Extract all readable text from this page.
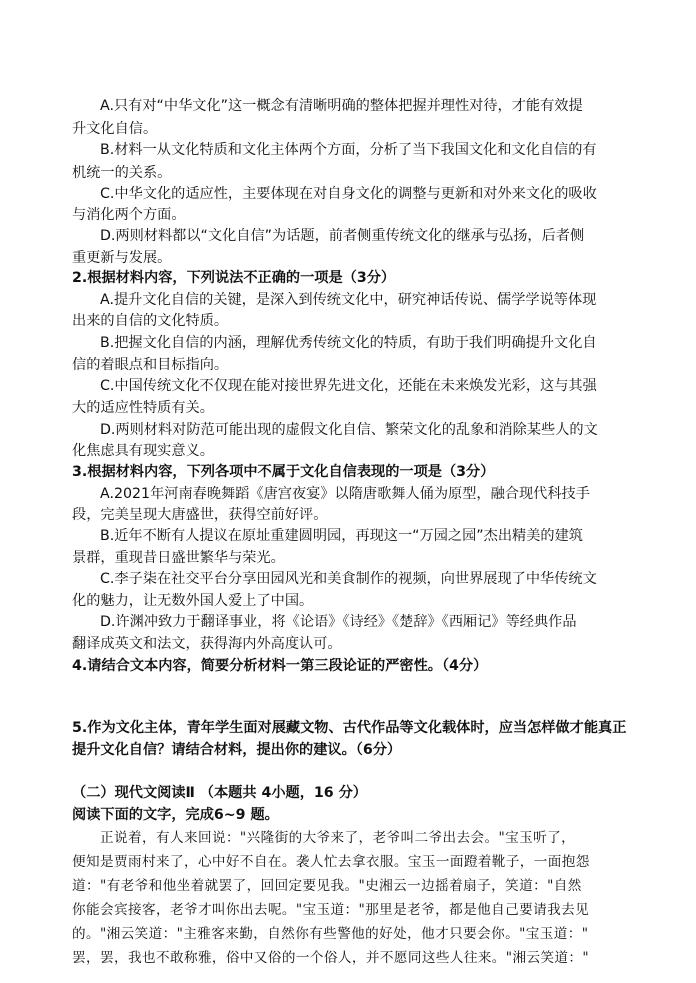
A.只有对“中华文化”这一概念有清晰明确的整体把握并理性对待，才能有效提
升文化自信。
B.材料一从文化特质和文化主体两个方面，分析了当下我国文化和文化自信的有
机统一的关系。
C.中华文化的适应性，主要体现在对自身文化的调整与更新和对外来文化的吸收
与消化两个方面。
D.两则材料都以“文化自信”为话题，前者侧重传统文化的继承与弘扬，后者侧
重更新与发展。
2.根据材料内容，下列说法不正确的一项是（3分）
A.提升文化自信的关键，是深入到传统文化中，研究神话传说、儒学学说等体现
出来的自信的文化特质。
B.把握文化自信的内涵，理解优秀传统文化的特质，有助于我们明确提升文化自
信的着眼点和目标指向。
C.中国传统文化不仅现在能对接世界先进文化，还能在未来焕发光彩，这与其强
大的适应性特质有关。
D.两则材料对防范可能出现的虚假文化自信、繁荣文化的乱象和消除某些人的文
化焦虑具有现实意义。
3.根据材料内容，下列各项中不属于文化自信表现的一项是（3分）
A.2021年河南春晚舞蹈《唐宫夜宴》以隋唐歌舞人俑为原型，融合现代科技手
段，完美呈现大唐盛世，获得空前好评。
B.近年不断有人提议在原址重建圆明园，再现这一“万园之园”杰出精美的建筑
景群，重现昔日盛世繁华与荣光。
C.李子柒在社交平台分享田园风光和美食制作的视频，向世界展现了中华传统文
化的魅力，让无数外国人爱上了中国。
D.许渊冲致力于翻译事业，将《论语》《诗经》《楚辞》《西厢记》等经典作品
翻译成英文和法文，获得海内外高度认可。
4.请结合文本内容，简要分析材料一第三段论证的严密性。（4分）
5.作为文化主体，青年学生面对展藏文物、古代作品等文化载体时，应当怎样做才能真正
提升文化自信？请结合材料，提出你的建议。（6分）
（二）现代文阅读Ⅱ （本题共 4小题，16 分）
阅读下面的文字，完成6~9 题。
正说着，有人来回说："兴隆街的大爷来了，老爷叫二爷出去会。"宝玉听了，
便知是贾雨村来了，心中好不自在。袭人忙去拿衣服。宝玉一面蹬着靴子，一面抱怨
道："有老爷和他坐着就罢了，回回定要见我。"史湘云一边摇着扇子，笑道："自然
你能会宾接客，老爷才叫你出去呢。"宝玉道："那里是老爷，都是他自己要请我去见
的。"湘云笑道："主雅客来勤，自然你有些警他的好处，他才只要会你。"宝玉道："
罢，罢，我也不敢称雅，俗中又俗的一个俗人，并不愿同这些人往来。"湘云笑道："
